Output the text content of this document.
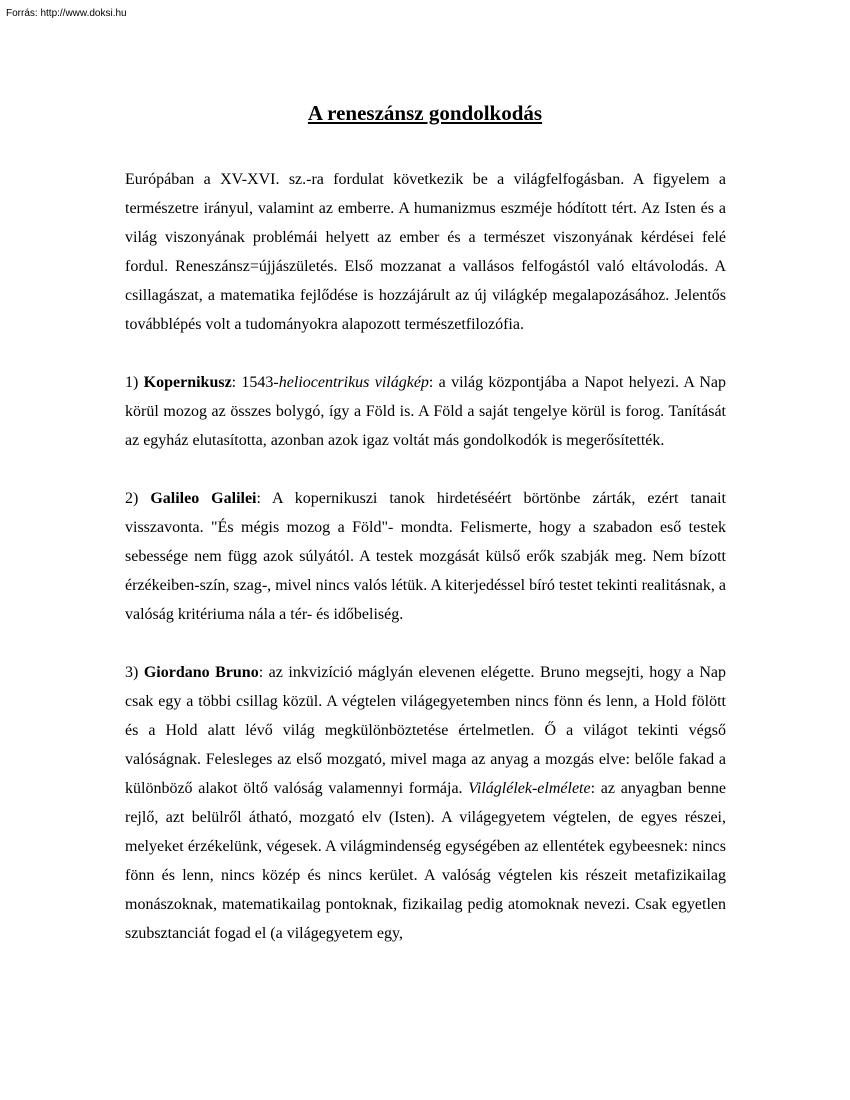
Forrás: http://www.doksi.hu
A reneszánsz gondolkodás

Európában a XV-XVI. sz.-ra fordulat következik be a világfelfogásban. A figyelem a természetre irányul, valamint az emberre. A humanizmus eszméje hódított tért. Az Isten és a világ viszonyának problémái helyett az ember és a természet viszonyának kérdései felé fordul. Reneszánsz=újjászületés. Első mozzanat a vallásos felfogástól való eltávolodás. A csillagászat, a matematika fejlődése is hozzájárult az új világkép megalapozásához. Jelentős továbblépés volt a tudományokra alapozott természetfilozófia.

1) Kopernikusz: 1543-heliocentrikus világkép: a világ központjába a Napot helyezi. A Nap körül mozog az összes bolygó, így a Föld is. A Föld a saját tengelye körül is forog. Tanítását az egyház elutasította, azonban azok igaz voltát más gondolkodók is megerősítették.

2) Galileo Galilei: A kopernikuszi tanok hirdetéséért börtönbe zárták, ezért tanait visszavonta. "És mégis mozog a Föld"- mondta. Felismerte, hogy a szabadon eső testek sebessége nem függ azok súlyától. A testek mozgását külső erők szabják meg. Nem bízott érzékeiben-szín, szag-, mivel nincs valós létük. A kiterjedéssel bíró testet tekinti realitásnak, a valóság kritériuma nála a tér- és időbeliség.

3) Giordano Bruno: az inkvizíció máglyán elevenen elégette. Bruno megsejti, hogy a Nap csak egy a többi csillag közül. A végtelen világegyetemben nincs fönn és lenn, a Hold fölött és a Hold alatt lévő világ megkülönböztetése értelmetlen. Ő a világot tekinti végső valóságnak. Felesleges az első mozgató, mivel maga az anyag a mozgás elve: belőle fakad a különböző alakot öltő valóság valamennyi formája. Világlélek-elmélete: az anyagban benne rejlő, azt belülről átható, mozgató elv (Isten). A világegyetem végtelen, de egyes részei, melyeket érzékelünk, végesek. A világmindenség egységében az ellentétek egybeesnek: nincs fönn és lenn, nincs közép és nincs kerület. A valóság végtelen kis részeit metafizikailag monászoknak, matematikailag pontoknak, fizikailag pedig atomoknak nevezi. Csak egyetlen szubsztanciát fogad el (a világegyetem egy,
